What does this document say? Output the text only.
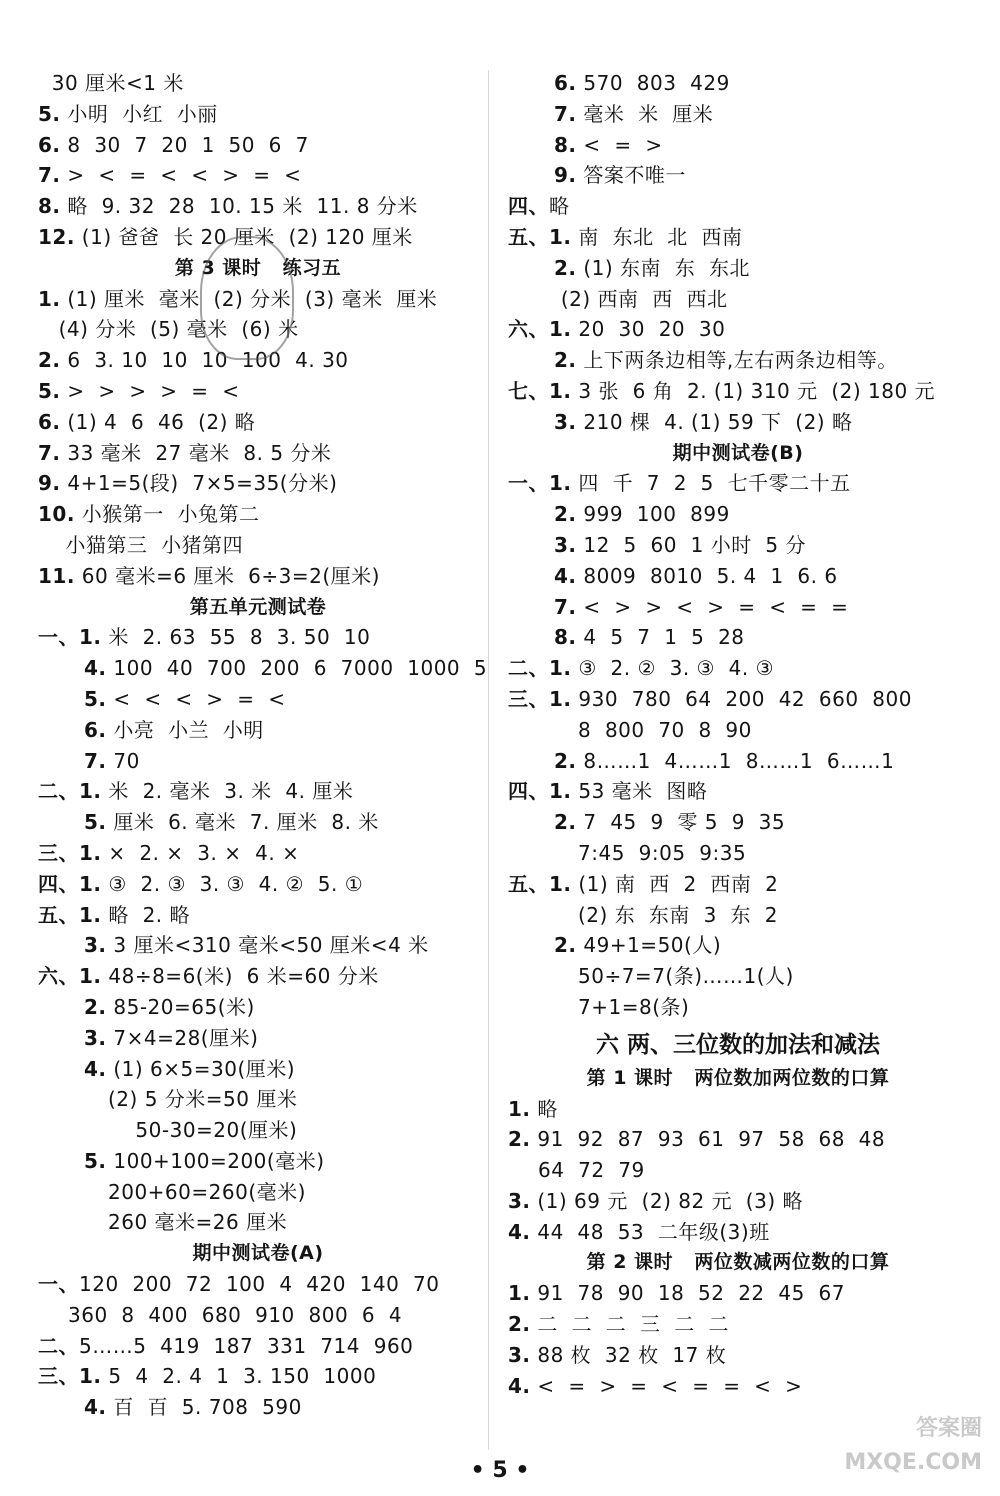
30 厘米<1 米
5. 小明  小红  小丽
6. 8  30  7  20  1  50  6  7
7. >  <  =  <  <  >  =  <
8. 略  9. 32  28  10. 15 米  11. 8 分米
12. (1) 爸爸  长 20 厘米  (2) 120 厘米
第 3 课时   练习五
1. (1) 厘米  毫米  (2) 分米  (3) 毫米  厘米
(4) 分米  (5) 毫米  (6) 米
2. 6  3. 10  10  10  100  4. 30
5. >  >  >  >  =  <
6. (1) 4  6  46  (2) 略
7. 33 毫米  27 毫米  8. 5 分米
9. 4+1=5(段)  7×5=35(分米)
10. 小猴第一  小兔第二
小猫第三  小猪第四
11. 60 毫米=6 厘米  6÷3=2(厘米)
第五单元测试卷
一、1. 米  2. 63  55  8  3. 50  10
4. 100  40  700  200  6  7000  1000  5
5. <  <  <  >  =  <
6. 小亮  小兰  小明
7. 70
二、1. 米  2. 毫米  3. 米  4. 厘米
5. 厘米  6. 毫米  7. 厘米  8. 米
三、1. ×  2. ×  3. ×  4. ×
四、1. ③  2. ③  3. ③  4. ②  5. ①
五、1. 略  2. 略
3. 3 厘米<310 毫米<50 厘米<4 米
六、1. 48÷8=6(米)  6 米=60 分米
2. 85-20=65(米)
3. 7×4=28(厘米)
4. (1) 6×5=30(厘米)
(2) 5 分米=50 厘米
50-30=20(厘米)
5. 100+100=200(毫米)
200+60=260(毫米)
260 毫米=26 厘米
期中测试卷(A)
一、120  200  72  100  4  420  140  70
360  8  400  680  910  800  6  4
二、5……5  419  187  331  714  960
三、1. 5  4  2. 4  1  3. 150  1000
4. 百  百  5. 708  590
6. 570  803  429
7. 毫米  米  厘米
8. <  =  >
9. 答案不唯一
四、略
五、1. 南  东北  北  西南
2. (1) 东南  东  东北
(2) 西南  西  西北
六、1. 20  30  20  30
2. 上下两条边相等,左右两条边相等。
七、1. 3 张  6 角  2. (1) 310 元  (2) 180 元
3. 210 棵  4. (1) 59 下  (2) 略
期中测试卷(B)
一、1. 四  千  7  2  5  七千零二十五
2. 999  100  899
3. 12  5  60  1 小时  5 分
4. 8009  8010  5. 4  1  6. 6
7. <  >  >  <  >  =  <  =  =
8. 4  5  7  1  5  28
二、1. ③  2. ②  3. ③  4. ③
三、1. 930  780  64  200  42  660  800
8  800  70  8  90
2. 8……1  4……1  8……1  6……1
四、1. 53 毫米  图略
2. 7  45  9  零 5  9  35
7:45  9:05  9:35
五、1. (1) 南  西  2  西南  2
(2) 东  东南  3  东  2
2. 49+1=50(人)
50÷7=7(条)……1(人)
7+1=8(条)
六 两、三位数的加法和减法
第 1 课时   两位数加两位数的口算
1. 略
2. 91  92  87  93  61  97  58  68  48
64  72  79
3. (1) 69 元  (2) 82 元  (3) 略
4. 44  48  53  二年级(3)班
第 2 课时   两位数减两位数的口算
1. 91  78  90  18  52  22  45  67
2. 二  二  二  三  二  二
3. 88 枚  32 枚  17 枚
4. <  =  >  =  <  =  =  <  >
答案圈
MXQE.COM
• 5 •
